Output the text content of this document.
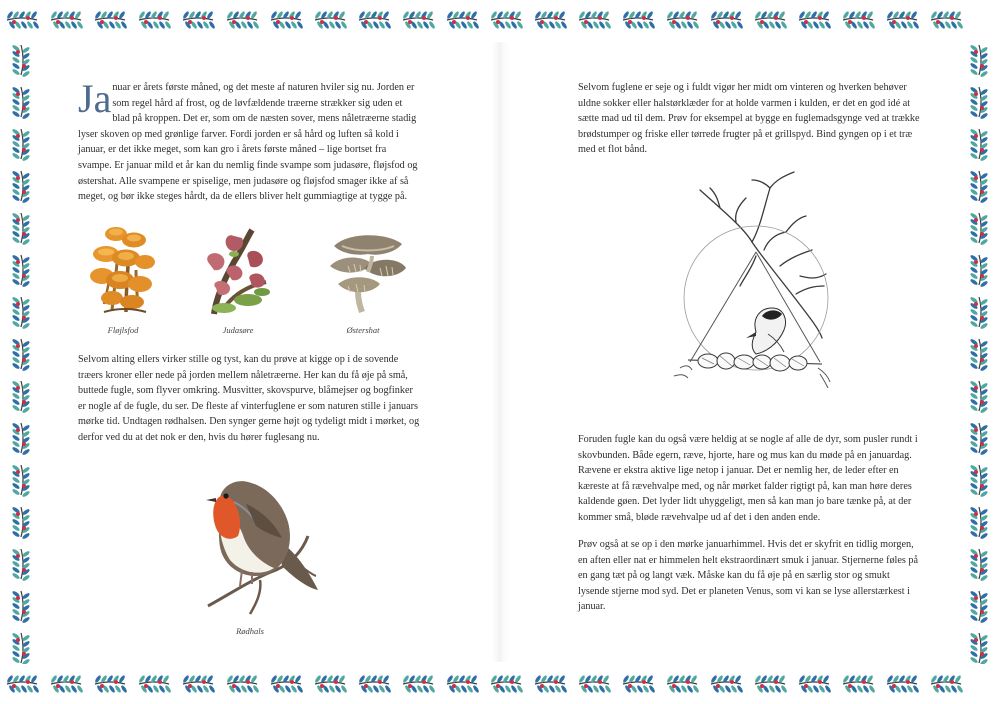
Ja nuar er årets første måned, og det meste af naturen hviler sig nu. Jorden er som regel hård af frost, og de løvfældende træerne strækker sig uden et blad på kroppen. Det er, som om de næsten sover, mens nåletræerne stadig lyser skoven op med grønlige farver. Fordi jorden er så hård og luften så kold i januar, er det ikke meget, som kan gro i årets første måned – lige bortset fra svampe. Er januar mild et år kan du nemlig finde svampe som judasøre, fløjsfod og østershat. Alle svampene er spiselige, men judasøre og fløjsfod smager ikke af så meget, og bør ikke steges hårdt, da de ellers bliver helt gummiagtige at tygge på.

Fløjlsfod	Judasøre	Østershat

Selvom alting ellers virker stille og tyst, kan du prøve at kigge op i de sovende træers kroner eller nede på jorden mellem nåletræerne. Her kan du få øje på små, buttede fugle, som flyver omkring. Musvitter, skovspurve, blåmejser og bogfinker er nogle af de fugle, du ser. De fleste af vinterfuglene er som naturen stille i januars mørke tid. Undtagen rødhalsen. Den synger gerne højt og tydeligt midt i mørket, og derfor ved du at det nok er den, hvis du hører fuglesang nu.

Rødhals

Selvom fuglene er seje og i fuldt vigør her midt om vinteren og hverken behøver uldne sokker eller halstørklæder for at holde varmen i kulden, er det en god idé at sætte mad ud til dem. Prøv for eksempel at bygge en fuglemadsgynge ved at trække brødstumper og friske eller tørrede frugter på et grillspyd. Bind gyngen op i et træ med et flot bånd.

Foruden fugle kan du også være heldig at se nogle af alle de dyr, som pusler rundt i skovbunden. Både egern, ræve, hjorte, hare og mus kan du møde på en januardag. Rævene er ekstra aktive lige netop i januar. Det er nemlig her, de leder efter en kæreste at få rævehvalpe med, og når mørket falder rigtigt på, kan man høre deres kaldende gøen. Det lyder lidt uhyggeligt, men så kan man jo bare tænke på, at der kommer små, bløde rævehvalpe ud af det i den anden ende.

Prøv også at se op i den mørke januarhimmel. Hvis det er skyfrit en tidlig morgen, en aften eller nat er himmelen helt ekstraordinært smuk i januar. Stjernerne føles på en gang tæt på og langt væk. Måske kan du få øje på en særlig stor og smukt lysende stjerne mod syd. Det er planeten Venus, som vi kan se lyse allerstærkest i januar.
